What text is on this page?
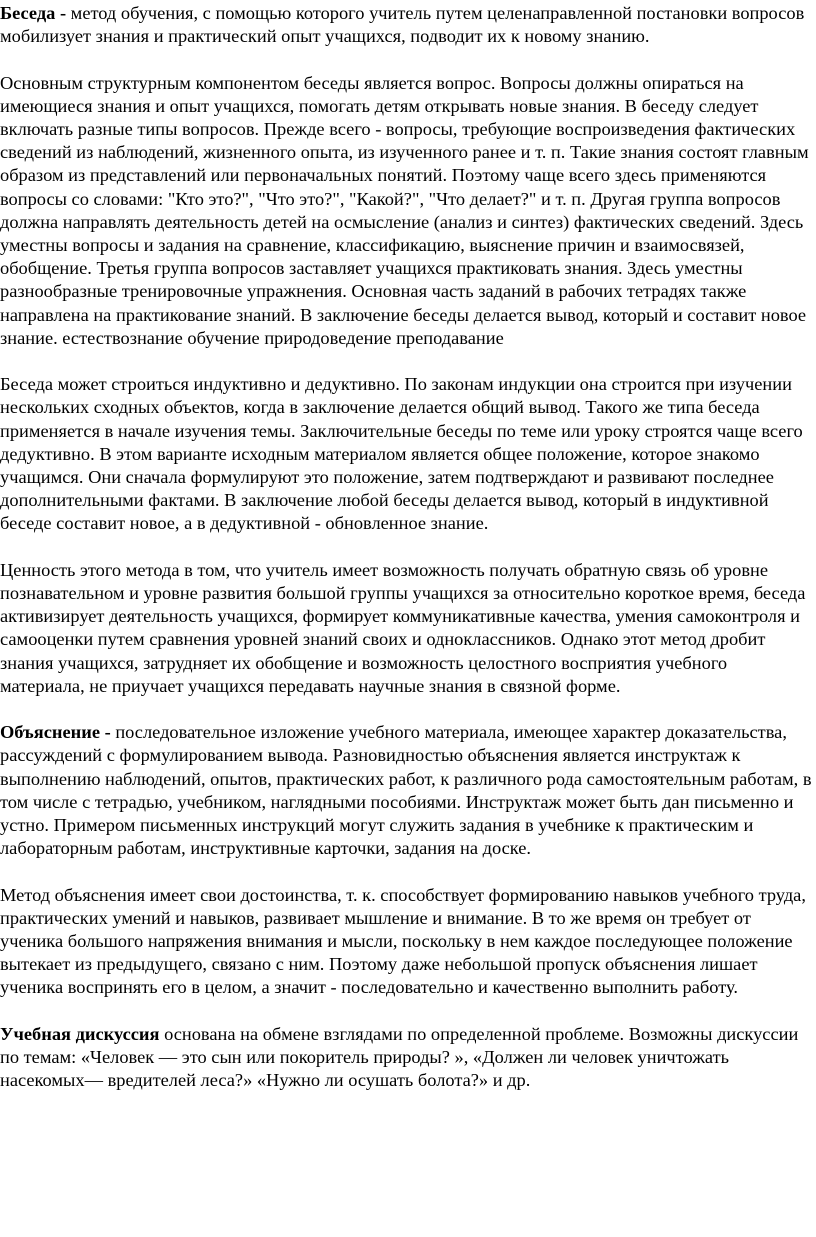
Беседа - метод обучения, с помощью которого учитель путем целенаправленной постановки вопросов мобилизует знания и практический опыт учащихся, подводит их к новому знанию.

Основным структурным компонентом беседы является вопрос. Вопросы должны опираться на имеющиеся знания и опыт учащихся, помогать детям открывать новые знания. В беседу следует включать разные типы вопросов. Прежде всего - вопросы, требующие воспроизведения фактических сведений из наблюдений, жизненного опыта, из изученного ранее и т. п. Такие знания состоят главным образом из представлений или первоначальных понятий. Поэтому чаще всего здесь применяются вопросы со словами: "Кто это?", "Что это?", "Какой?", "Что делает?" и т. п. Другая группа вопросов должна направлять деятельность детей на осмысление (анализ и синтез) фактических сведений. Здесь уместны вопросы и задания на сравнение, классификацию, выяснение причин и взаимосвязей, обобщение. Третья группа вопросов заставляет учащихся практиковать знания. Здесь уместны разнообразные тренировочные упражнения. Основная часть заданий в рабочих тетрадях также направлена на практикование знаний. В заключение беседы делается вывод, который и составит новое знание. естествознание обучение природоведение преподавание

Беседа может строиться индуктивно и дедуктивно. По законам индукции она строится при изучении нескольких сходных объектов, когда в заключение делается общий вывод. Такого же типа беседа применяется в начале изучения темы. Заключительные беседы по теме или уроку строятся чаще всего дедуктивно. В этом варианте исходным материалом является общее положение, которое знакомо учащимся. Они сначала формулируют это положение, затем подтверждают и развивают последнее дополнительными фактами. В заключение любой беседы делается вывод, который в индуктивной беседе составит новое, а в дедуктивной - обновленное знание.

Ценность этого метода в том, что учитель имеет возможность получать обратную связь об уровне познавательном и уровне развития большой группы учащихся за относительно короткое время, беседа активизирует деятельность учащихся, формирует коммуникативные качества, умения самоконтроля и самооценки путем сравнения уровней знаний своих и одноклассников. Однако этот метод дробит знания учащихся, затрудняет их обобщение и возможность целостного восприятия учебного материала, не приучает учащихся передавать научные знания в связной форме.

Объяснение - последовательное изложение учебного материала, имеющее характер доказательства, рассуждений с формулированием вывода. Разновидностью объяснения является инструктаж к выполнению наблюдений, опытов, практических работ, к различного рода самостоятельным работам, в том числе с тетрадью, учебником, наглядными пособиями. Инструктаж может быть дан письменно и устно. Примером письменных инструкций могут служить задания в учебнике к практическим и лабораторным работам, инструктивные карточки, задания на доске.

Метод объяснения имеет свои достоинства, т. к. способствует формированию навыков учебного труда, практических умений и навыков, развивает мышление и внимание. В то же время он требует от ученика большого напряжения внимания и мысли, поскольку в нем каждое последующее положение вытекает из предыдущего, связано с ним. Поэтому даже небольшой пропуск объяснения лишает ученика воспринять его в целом, а значит - последовательно и качественно выполнить работу.

Учебная дискуссия основана на обмене взглядами по определенной проблеме. Возможны дискуссии по темам: «Человек — это сын или покоритель природы? », «Должен ли человек уничтожать насекомых— вредителей леса?» «Нужно ли осушать болота?» и др.
